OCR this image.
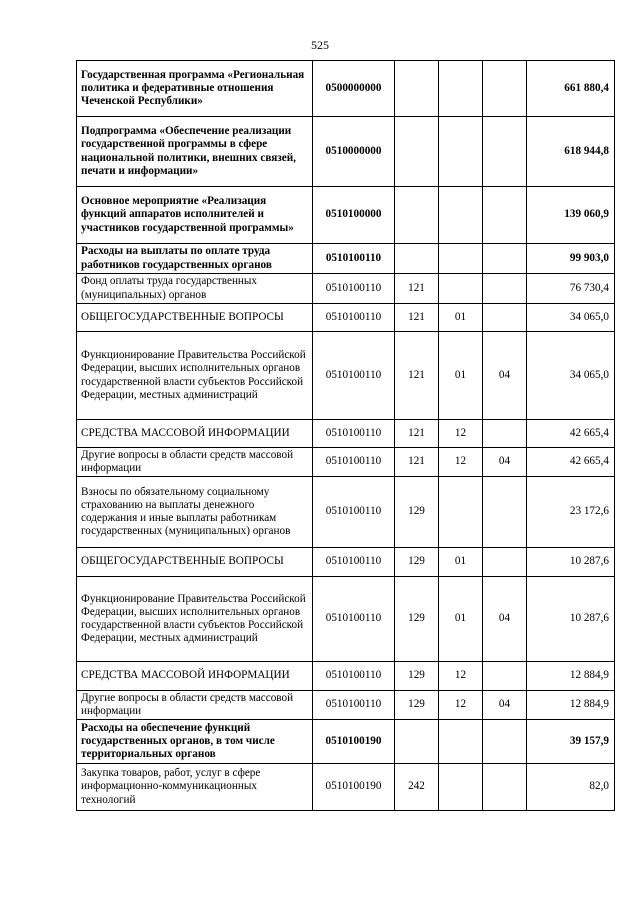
525
Государственная программа «Региональная политика и федеративные отношения Чеченской Республики»	0500000000				661 880,4
Подпрограмма «Обеспечение реализации государственной программы в сфере национальной политики, внешних связей, печати и информации»	0510000000				618 944,8
Основное мероприятие «Реализация функций аппаратов исполнителей и участников государственной программы»	0510100000				139 060,9
Расходы на выплаты по оплате труда работников государственных органов	0510100110				99 903,0
Фонд оплаты труда государственных (муниципальных) органов	0510100110	121			76 730,4
ОБЩЕГОСУДАРСТВЕННЫЕ ВОПРОСЫ	0510100110	121	01		34 065,0
Функционирование Правительства Российской Федерации, высших исполнительных органов государственной власти субъектов Российской Федерации, местных администраций	0510100110	121	01	04	34 065,0
СРЕДСТВА МАССОВОЙ ИНФОРМАЦИИ	0510100110	121	12		42 665,4
Другие вопросы в области средств массовой информации	0510100110	121	12	04	42 665,4
Взносы по обязательному социальному страхованию на выплаты денежного содержания и иные выплаты работникам государственных (муниципальных) органов	0510100110	129			23 172,6
ОБЩЕГОСУДАРСТВЕННЫЕ ВОПРОСЫ	0510100110	129	01		10 287,6
Функционирование Правительства Российской Федерации, высших исполнительных органов государственной власти субъектов Российской Федерации, местных администраций	0510100110	129	01	04	10 287,6
СРЕДСТВА МАССОВОЙ ИНФОРМАЦИИ	0510100110	129	12		12 884,9
Другие вопросы в области средств массовой информации	0510100110	129	12	04	12 884,9
Расходы на обеспечение функций государственных органов, в том числе территориальных органов	0510100190				39 157,9
Закупка товаров, работ, услуг в сфере информационно-коммуникационных технологий	0510100190	242			82,0
